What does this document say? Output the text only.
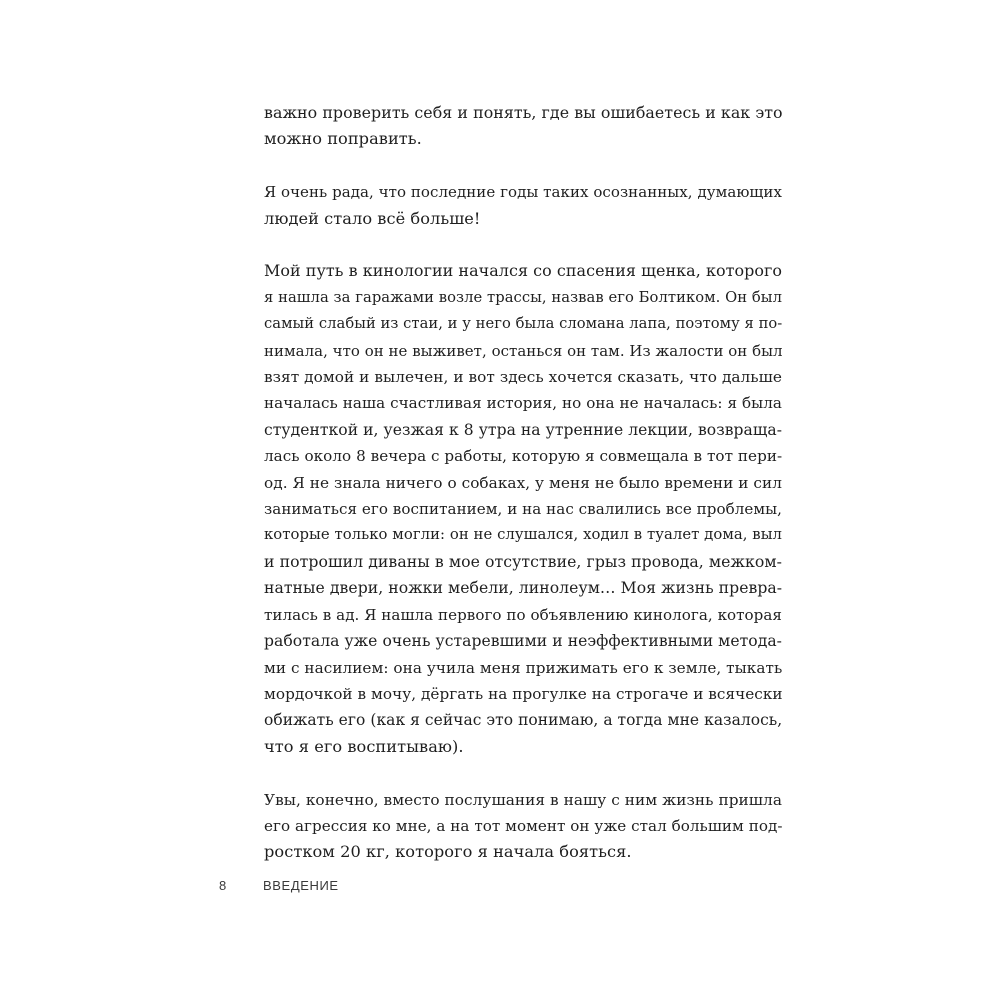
важно проверить себя и понять, где вы ошибаетесь и как это
можно поправить.

Я очень рада, что последние годы таких осознанных, думающих
людей стало всё больше!

Мой путь в кинологии начался со спасения щенка, которого
я нашла за гаражами возле трассы, назвав его Болтиком. Он был
самый слабый из стаи, и у него была сломана лапа, поэтому я по-
нимала, что он не выживет, останься он там. Из жалости он был
взят домой и вылечен, и вот здесь хочется сказать, что дальше
началась наша счастливая история, но она не началась: я была
студенткой и, уезжая к 8 утра на утренние лекции, возвраща-
лась около 8 вечера с работы, которую я совмещала в тот пери-
од. Я не знала ничего о собаках, у меня не было времени и сил
заниматься его воспитанием, и на нас свалились все проблемы,
которые только могли: он не слушался, ходил в туалет дома, выл
и потрошил диваны в мое отсутствие, грыз провода, межком-
натные двери, ножки мебели, линолеум… Моя жизнь превра-
тилась в ад. Я нашла первого по объявлению кинолога, которая
работала уже очень устаревшими и неэффективными метода-
ми с насилием: она учила меня прижимать его к земле, тыкать
мордочкой в мочу, дёргать на прогулке на строгаче и всячески
обижать его (как я сейчас это понимаю, а тогда мне казалось,
что я его воспитываю).

Увы, конечно, вместо послушания в нашу с ним жизнь пришла
его агрессия ко мне, а на тот момент он уже стал большим под-
ростком 20 кг, которого я начала бояться.

8	ВВЕДЕНИЕ
